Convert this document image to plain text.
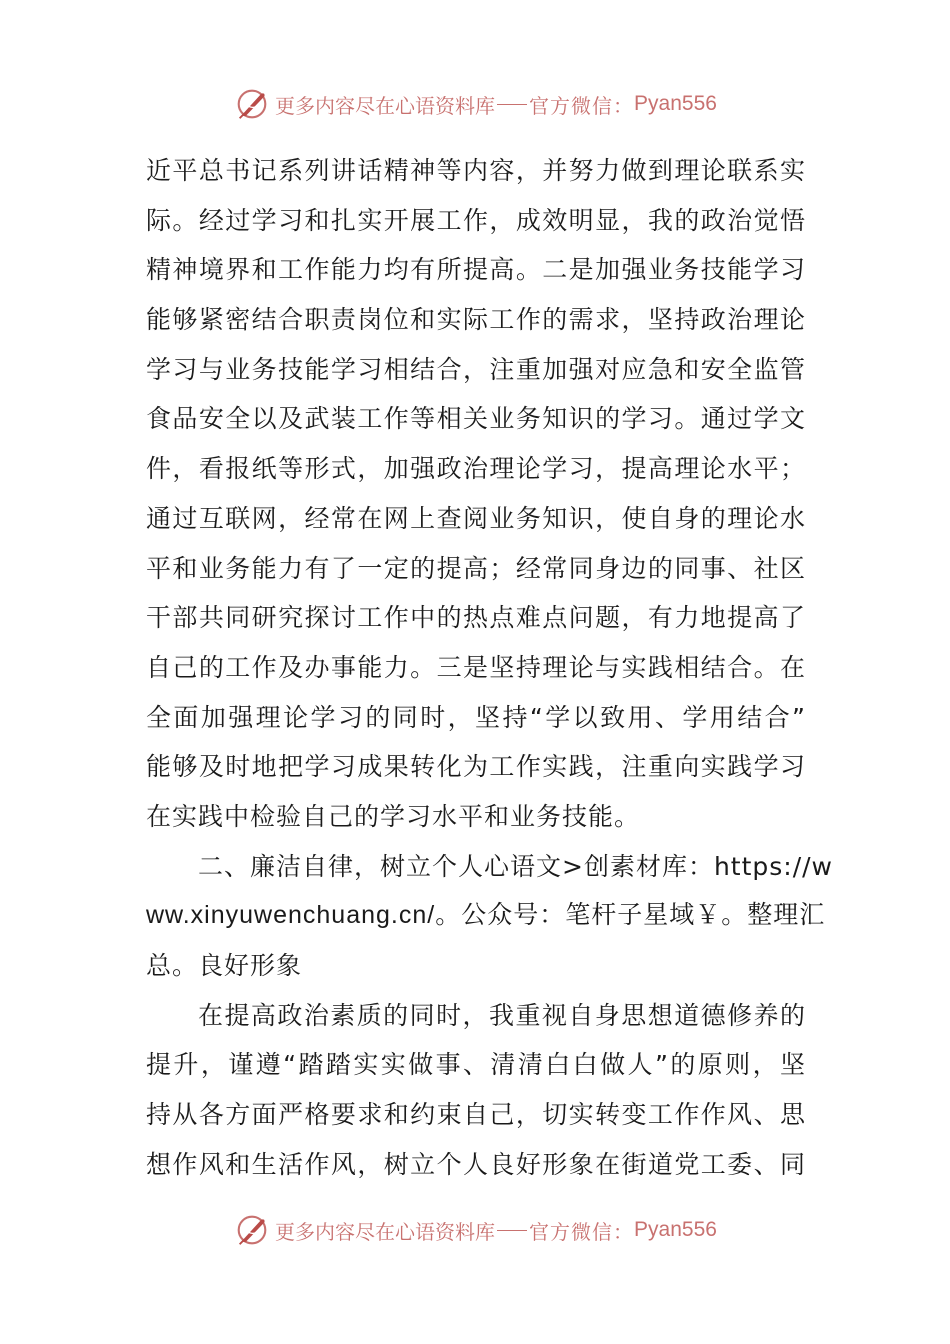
更多内容尽在心语资料库 官方微信： Pyan556
近平总书记系列讲话精神等内容，并努力做到理论联系实
际。经过学习和扎实开展工作，成效明显，我的政治觉悟
精神境界和工作能力均有所提高。二是加强业务技能学习
能够紧密结合职责岗位和实际工作的需求，坚持政治理论
学习与业务技能学习相结合，注重加强对应急和安全监管
食品安全以及武装工作等相关业务知识的学习。通过学文
件，看报纸等形式，加强政治理论学习，提高理论水平；
通过互联网，经常在网上查阅业务知识，使自身的理论水
平和业务能力有了一定的提高；经常同身边的同事、社区
干部共同研究探讨工作中的热点难点问题，有力地提高了
自己的工作及办事能力。三是坚持理论与实践相结合。在
全面加强理论学习的同时，坚持“学以致用、学用结合”
能够及时地把学习成果转化为工作实践，注重向实践学习
在实践中检验自己的学习水平和业务技能。
二、廉洁自律，树立个人心语文>创素材库：https://w
ww.xinyuwenchuang.cn/。公众号：笔杆子星域￥。整理汇
总。良好形象
在提高政治素质的同时，我重视自身思想道德修养的
提升，谨遵“踏踏实实做事、清清白白做人”的原则，坚
持从各方面严格要求和约束自己，切实转变工作作风、思
想作风和生活作风，树立个人良好形象在街道党工委、同
更多内容尽在心语资料库 官方微信： Pyan556
